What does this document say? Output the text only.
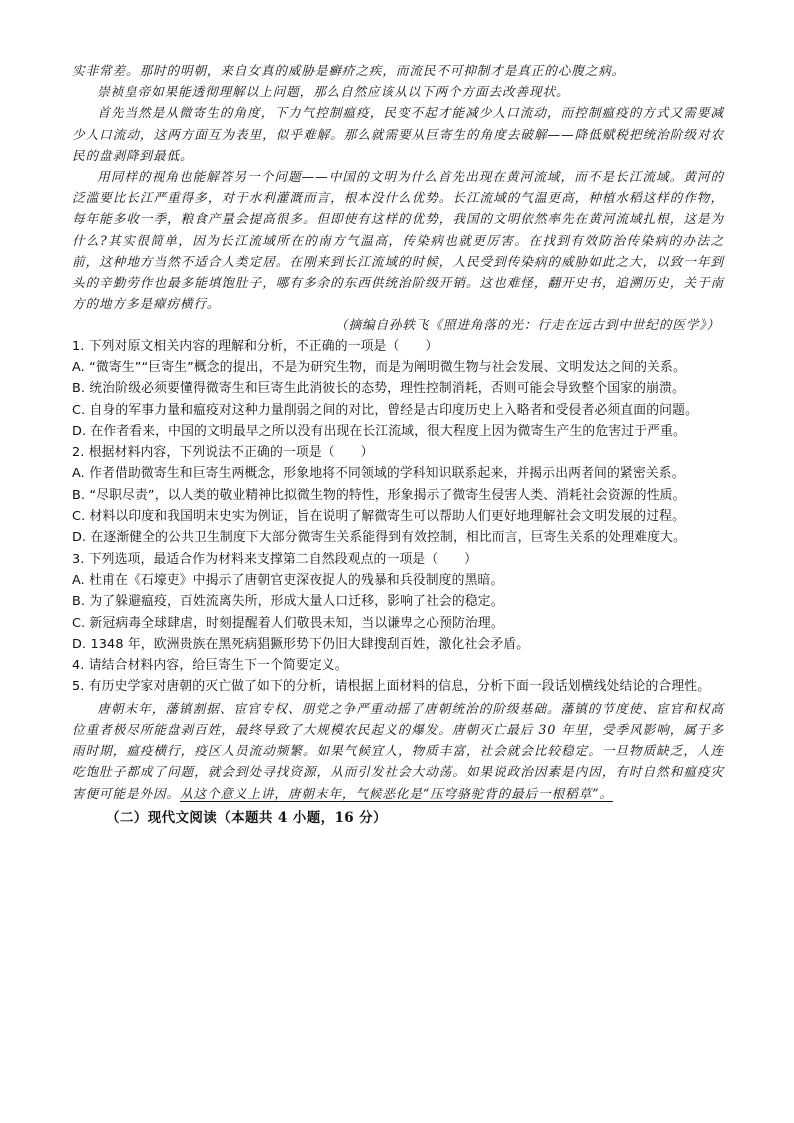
实非常差。那时的明朝，来自女真的威胁是癣疥之疾，而流民不可抑制才是真正的心腹之病。

崇祯皇帝如果能透彻理解以上问题，那么自然应该从以下两个方面去改善现状。

首先当然是从微寄生的角度，下力气控制瘟疫，民变不起才能减少人口流动，而控制瘟疫的方式又需要减少人口流动，这两方面互为表里，似乎难解。那么就需要从巨寄生的角度去破解——降低赋税把统治阶级对农民的盘剥降到最低。

用同样的视角也能解答另一个问题——中国的文明为什么首先出现在黄河流域，而不是长江流域。黄河的泛滥要比长江严重得多，对于水利灌溉而言，根本没什么优势。长江流域的气温更高，种植水稻这样的作物，每年能多收一季，粮食产量会提高很多。但即使有这样的优势，我国的文明依然率先在黄河流域扎根，这是为什么?其实很简单，因为长江流域所在的南方气温高，传染病也就更厉害。在找到有效防治传染病的办法之前，这种地方当然不适合人类定居。在刚来到长江流域的时候，人民受到传染病的威胁如此之大，以致一年到头的辛勤劳作也最多能填饱肚子，哪有多余的东西供统治阶级开销。这也难怪，翻开史书，追溯历史，关于南方的地方多是瘴疠横行。

（摘编自孙轶飞《照进角落的光：行走在远古到中世纪的医学》）

1. 下列对原文相关内容的理解和分析，不正确的一项是（　　）

A. “微寄生”“巨寄生”概念的提出，不是为研究生物，而是为阐明微生物与社会发展、文明发达之间的关系。

B. 统治阶级必须要懂得微寄生和巨寄生此消彼长的态势，理性控制消耗，否则可能会导致整个国家的崩溃。

C. 自身的军事力量和瘟疫对这种力量削弱之间的对比，曾经是古印度历史上入略者和受侵者必须直面的问题。

D. 在作者看来，中国的文明最早之所以没有出现在长江流域，很大程度上因为微寄生产生的危害过于严重。

2. 根据材料内容，下列说法不正确的一项是（　　）

A. 作者借助微寄生和巨寄生两概念，形象地将不同领域的学科知识联系起来，并揭示出两者间的紧密关系。

B. “尽职尽责”，以人类的敬业精神比拟微生物的特性，形象揭示了微寄生侵害人类、消耗社会资源的性质。

C. 材料以印度和我国明末史实为例证，旨在说明了解微寄生可以帮助人们更好地理解社会文明发展的过程。

D. 在逐渐健全的公共卫生制度下大部分微寄生关系能得到有效控制，相比而言，巨寄生关系的处理难度大。

3. 下列选项，最适合作为材料来支撑第二自然段观点的一项是（　　）

A. 杜甫在《石壕吏》中揭示了唐朝官吏深夜捉人的残暴和兵役制度的黑暗。

B. 为了躲避瘟疫，百姓流离失所，形成大量人口迁移，影响了社会的稳定。

C. 新冠病毒全球肆虐，时刻提醒着人们敬畏未知，当以谦卑之心预防治理。

D. 1348 年，欧洲贵族在黑死病猖獗形势下仍旧大肆搜刮百姓，激化社会矛盾。

4. 请结合材料内容，给巨寄生下一个简要定义。

5. 有历史学家对唐朝的灭亡做了如下的分析，请根据上面材料的信息，分析下面一段话划横线处结论的合理性。

唐朝末年，藩镇割据、宦官专权、朋党之争严重动摇了唐朝统治的阶级基础。藩镇的节度使、宦官和权高位重者极尽所能盘剥百姓，最终导致了大规模农民起义的爆发。唐朝灭亡最后 30 年里，受季风影响，属于多雨时期，瘟疫横行，疫区人员流动频繁。如果气候宜人，物质丰富，社会就会比较稳定。一旦物质缺乏，人连吃饱肚子都成了问题，就会到处寻找资源，从而引发社会大动荡。如果说政治因素是内因，有时自然和瘟疫灾害便可能是外因。从这个意义上讲，唐朝末年，气候恶化是“压穹骆驼背的最后一根稻草”。

（二）现代文阅读（本题共 4 小题，16 分）
